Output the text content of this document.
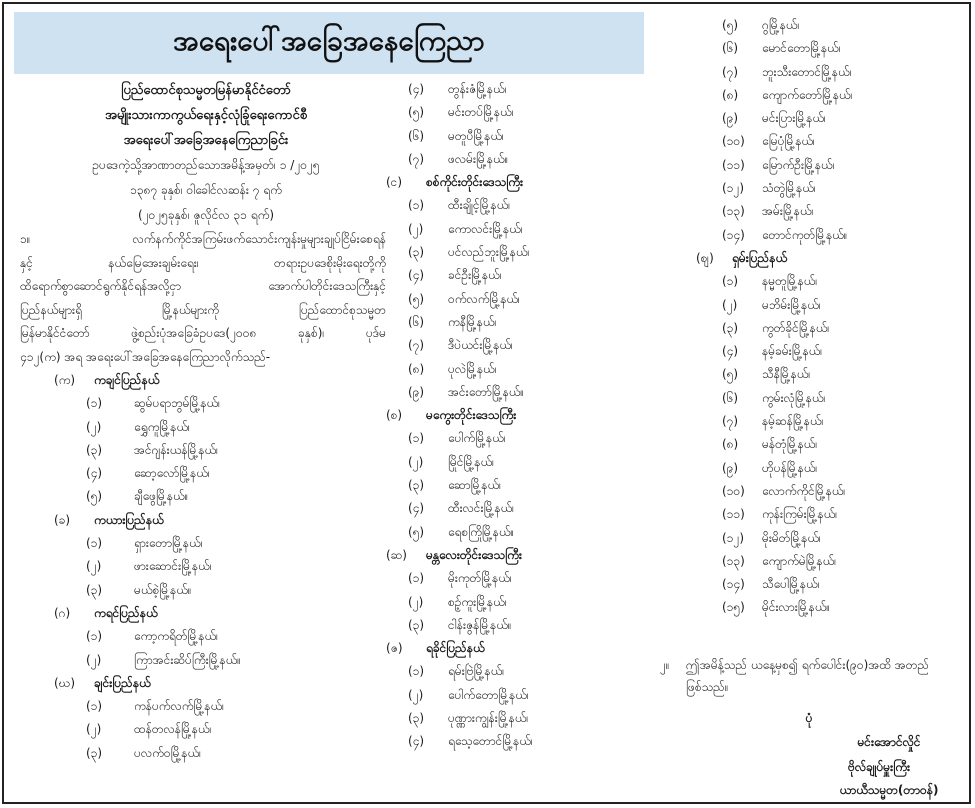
အရေးပေါ်အခြေအနေကြေညာ
ပြည်ထောင်စုသမ္မတမြန်မာနိုင်ငံတော်
အမျိုးသားကာကွယ်ရေးနှင့်လုံခြုံရေးကောင်စီ
အရေးပေါ်အခြေအနေကြေညာခြင်း
ဥပဒေကဲ့သို့အာဏာတည်သောအမိန့်အမှတ်၊ ၁ /၂၀၂၅
၁၃၈၇ ခုနှစ်၊ ဝါခေါင်လဆန်း ၇ ရက်
(၂၀၂၅ခုနှစ်၊ ဇူလိုင်လ ၃၁ ရက်)
၁။ လက်နက်ကိုင်အကြမ်းဖက်သောင်းကျန်းမှုများချုပ်ငြိမ်းစေရန်
နှင့် နယ်မြေအေးချမ်းရေး၊ တရားဥပဒေစိုးမိုးရေးတို့ကို
ထိရောက်စွာဆောင်ရွက်နိုင်ရန်အလို့ငှာ အောက်ပါတိုင်းဒေသကြီးနှင့်
ပြည်နယ်များရှိ မြို့နယ်များကို ပြည်ထောင်စုသမ္မတ
မြန်မာနိုင်ငံတော် ဖွဲ့စည်းပုံအခြေခံဥပဒေ(၂၀၀၈ ခုနှစ်)၊ ပုဒ်မ
၄၁၂(က) အရ အရေးပေါ်အခြေအနေကြေညာလိုက်သည်-
(က) ကချင်ပြည်နယ်
(၁)	ဆွမ်ပရာဘွမ်မြို့နယ်၊
(၂)	ရွှေကူမြို့နယ်၊
(၃)	အင်ဂျန်းယန်မြို့နယ်၊
(၄)	ဆော့လော်မြို့နယ်၊
(၅)	ချီဖွေမြို့နယ်။
(ခ) ကယားပြည်နယ်
(၁)	ရှားတောမြို့နယ်၊
(၂)	ဖားဆောင်းမြို့နယ်၊
(၃)	မယ်စဲ့မြို့နယ်။
(ဂ) ကရင်ပြည်နယ်
(၁)	ကော့ကရိတ်မြို့နယ်၊
(၂)	ကြာအင်းဆိပ်ကြီးမြို့နယ်။
(ဃ) ချင်းပြည်နယ်
(၁)	ကန်ပက်လက်မြို့နယ်၊
(၂)	ထန်တလန်မြို့နယ်၊
(၃)	ပလက်ဝမြို့နယ်၊
(၄) တွန်းဇံမြို့နယ်၊
(၅) မင်းတပ်မြို့နယ်၊
(၆) မတူပီမြို့နယ်၊
(၇) ဖလမ်းမြို့နယ်။
(င) စစ်ကိုင်းတိုင်းဒေသကြီး
(၁) ထီးချိုင့်မြို့နယ်၊
(၂) ကောလင်းမြို့နယ်၊
(၃) ပင်လည်ဘူးမြို့နယ်၊
(၄) ခင်ဦးမြို့နယ်၊
(၅) ဝက်လက်မြို့နယ်၊
(၆) ကနီမြို့နယ်၊
(၇) ဒီပဲယင်းမြို့နယ်၊
(၈) ပုလဲမြို့နယ်၊
(၉) အင်းတော်မြို့နယ်။
(စ) မကွေးတိုင်းဒေသကြီး
(၁) ပေါက်မြို့နယ်၊
(၂) မြိုင်မြို့နယ်၊
(၃) ဆောမြို့နယ်၊
(၄) ထီးလင်းမြို့နယ်၊
(၅) ရေစကြိုမြို့နယ်။
(ဆ) မန္တလေးတိုင်းဒေသကြီး
(၁) မိုးကုတ်မြို့နယ်၊
(၂) စဉ့်ကူးမြို့နယ်၊
(၃) ငါန်းဇွန်မြို့နယ်။
(ဇ) ရခိုင်ပြည်နယ်
(၁) ရမ်းဗြဲမြို့နယ်၊
(၂) ပေါက်တောမြို့နယ်၊
(၃) ပုဏ္ဏားကျွန်းမြို့နယ်၊
(၄) ရသေ့တောင်မြို့နယ်၊
(၅) ဂွမြို့နယ်၊
(၆) မောင်တောမြို့နယ်၊
(၇) ဘူးသီးတောင်မြို့နယ်၊
(၈) ကျောက်တော်မြို့နယ်၊
(၉) မင်းပြားမြို့နယ်၊
(၁၀) မြေပုံမြို့နယ်၊
(၁၁) မြောက်ဦးမြို့နယ်၊
(၁၂) သံတွဲမြို့နယ်၊
(၁၃) အမ်းမြို့နယ်၊
(၁၄) တောင်ကုတ်မြို့နယ်။
(ဈ) ရှမ်းပြည်နယ်
(၁) နမ္မတူမြို့နယ်၊
(၂) မဘိမ်းမြို့နယ်၊
(၃) ကွတ်ခိုင်မြို့နယ်၊
(၄) နမ့်ခမ်းမြို့နယ်၊
(၅) သီနီမြို့နယ်၊
(၆) ကွမ်းလုံမြို့နယ်၊
(၇) နမ့်ဆန်မြို့နယ်၊
(၈) မန်တုံမြို့နယ်၊
(၉) ဟိုပန်မြို့နယ်၊
(၁၀) လောက်ကိုင်မြို့နယ်၊
(၁၁) ကုန်းကြမ်းမြို့နယ်၊
(၁၂) မိုးမိတ်မြို့နယ်၊
(၁၃) ကျောက်မဲမြို့နယ်၊
(၁၄) သီပေါမြို့နယ်၊
(၁၅) မိုင်းလားမြို့နယ်။
၂။ ဤအမိန့်သည် ယနေ့မှစ၍ ရက်ပေါင်း(၉၀)အထိ အတည်ဖြစ်သည်။
ပုံ
မင်းအောင်လှိုင်
ဗိုလ်ချုပ်မှူးကြီး
ယာယီသမ္မတ(တာဝန်)
